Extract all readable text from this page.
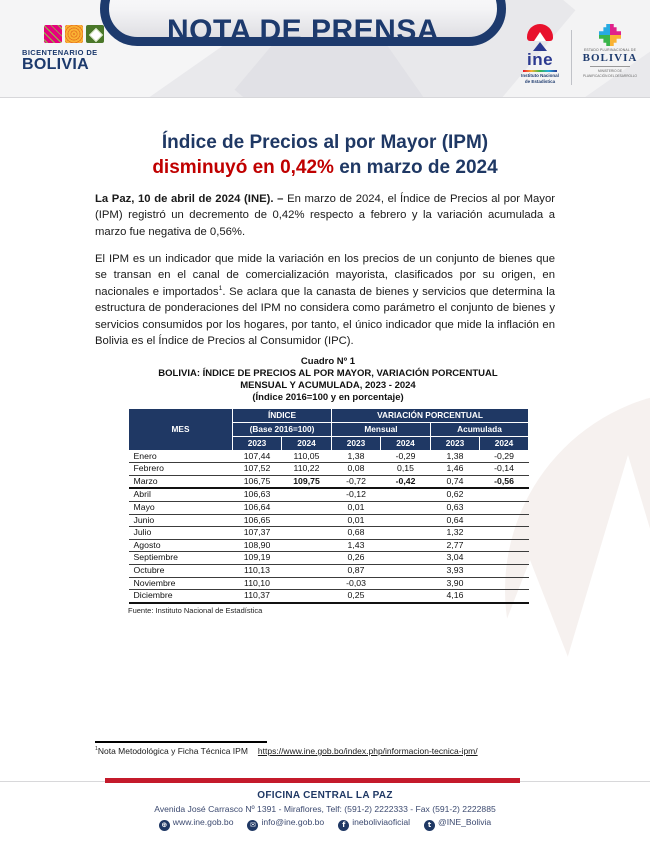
NOTA DE PRENSA
BICENTENARIO DE
BOLIVIA	ine
Instituto Nacional
de Estadística
ESTADO PLURINACIONAL DE
BOLIVIA
MINISTERIO DE
PLANIFICACIÓN DEL DESARROLLO
Índice de Precios al por Mayor (IPM)
disminuyó en 0,42% en marzo de 2024
La Paz, 10 de abril de 2024 (INE). – En marzo de 2024, el Índice de Precios al por Mayor (IPM) registró un decremento de 0,42% respecto a febrero y la variación acumulada a marzo fue negativa de 0,56%.
El IPM es un indicador que mide la variación en los precios de un conjunto de bienes que se transan en el canal de comercialización mayorista, clasificados por su origen, en nacionales e importados$^1$. Se aclara que la canasta de bienes y servicios que determina la estructura de ponderaciones del IPM no considera como parámetro el conjunto de bienes y servicios consumidos por los hogares, por tanto, el único indicador que mide la inflación en Bolivia es el Índice de Precios al Consumidor (IPC).
Cuadro Nº 1
BOLIVIA: ÍNDICE DE PRECIOS AL POR MAYOR, VARIACIÓN PORCENTUAL
MENSUAL Y ACUMULADA, 2023 - 2024
(Índice 2016=100 y en porcentaje)
MES	ÍNDICE		VARIACIÓN PORCENTUAL			
	(Base 2016=100)		Mensual		Acumulada	
	2023	2024	2023	2024	2023	2024
Enero	107,44	110,05	1,38	-0,29	1,38	-0,29
Febrero	107,52	110,22	0,08	0,15	1,46	-0,14
Marzo	106,75	109,75	-0,72	-0,42	0,74	-0,56
Abril	106,63		-0,12		0,62	
Mayo	106,64		0,01		0,63	
Junio	106,65		0,01		0,64	
Julio	107,37		0,68		1,32	
Agosto	108,90		1,43		2,77	
Septiembre	109,19		0,26		3,04	
Octubre	110,13		0,87		3,93	
Noviembre	110,10		-0,03		3,90	
Diciembre	110,37		0,25		4,16	
Fuente: Instituto Nacional de Estadística
$^1$Nota Metodológica y Ficha Técnica IPM https://www.ine.gob.bo/index.php/informacion-tecnica-ipm/
OFICINA CENTRAL LA PAZ
Avenida José Carrasco Nº 1391 - Miraflores, Telf: (591-2) 2222333 - Fax (591-2) 2222885
⊕ www.ine.gob.bo ✉ info@ine.gob.bo	f ineboliviaoficial	t @INE_Bolivia
